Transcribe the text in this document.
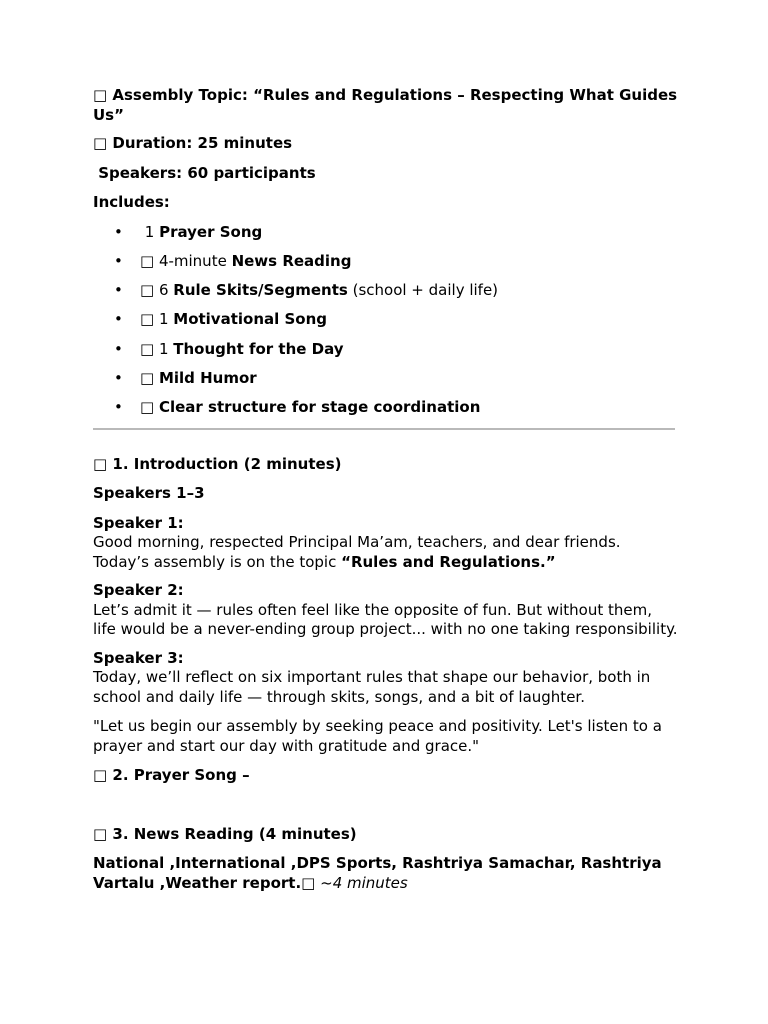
□ Assembly Topic: “Rules and Regulations – Respecting What Guides Us”

□ Duration: 25 minutes

Speakers: 60 participants

Includes:

• 1 Prayer Song
• □ 4-minute News Reading
• □ 6 Rule Skits/Segments (school + daily life)
• □ 1 Motivational Song
• □ 1 Thought for the Day
• □ Mild Humor
• □ Clear structure for stage coordination

□ 1. Introduction (2 minutes)

Speakers 1–3

Speaker 1:
Good morning, respected Principal Ma’am, teachers, and dear friends.
Today’s assembly is on the topic “Rules and Regulations.”
Speaker 2:
Let’s admit it — rules often feel like the opposite of fun. But without them, life would be a never-ending group project... with no one taking responsibility.
Speaker 3:
Today, we’ll reflect on six important rules that shape our behavior, both in school and daily life — through skits, songs, and a bit of laughter.

"Let us begin our assembly by seeking peace and positivity. Let's listen to a prayer and start our day with gratitude and grace."

□ 2. Prayer Song –

□ 3. News Reading (4 minutes)

National ,International ,DPS Sports, Rashtriya Samachar, Rashtriya Vartalu ,Weather report.□ ~4 minutes
